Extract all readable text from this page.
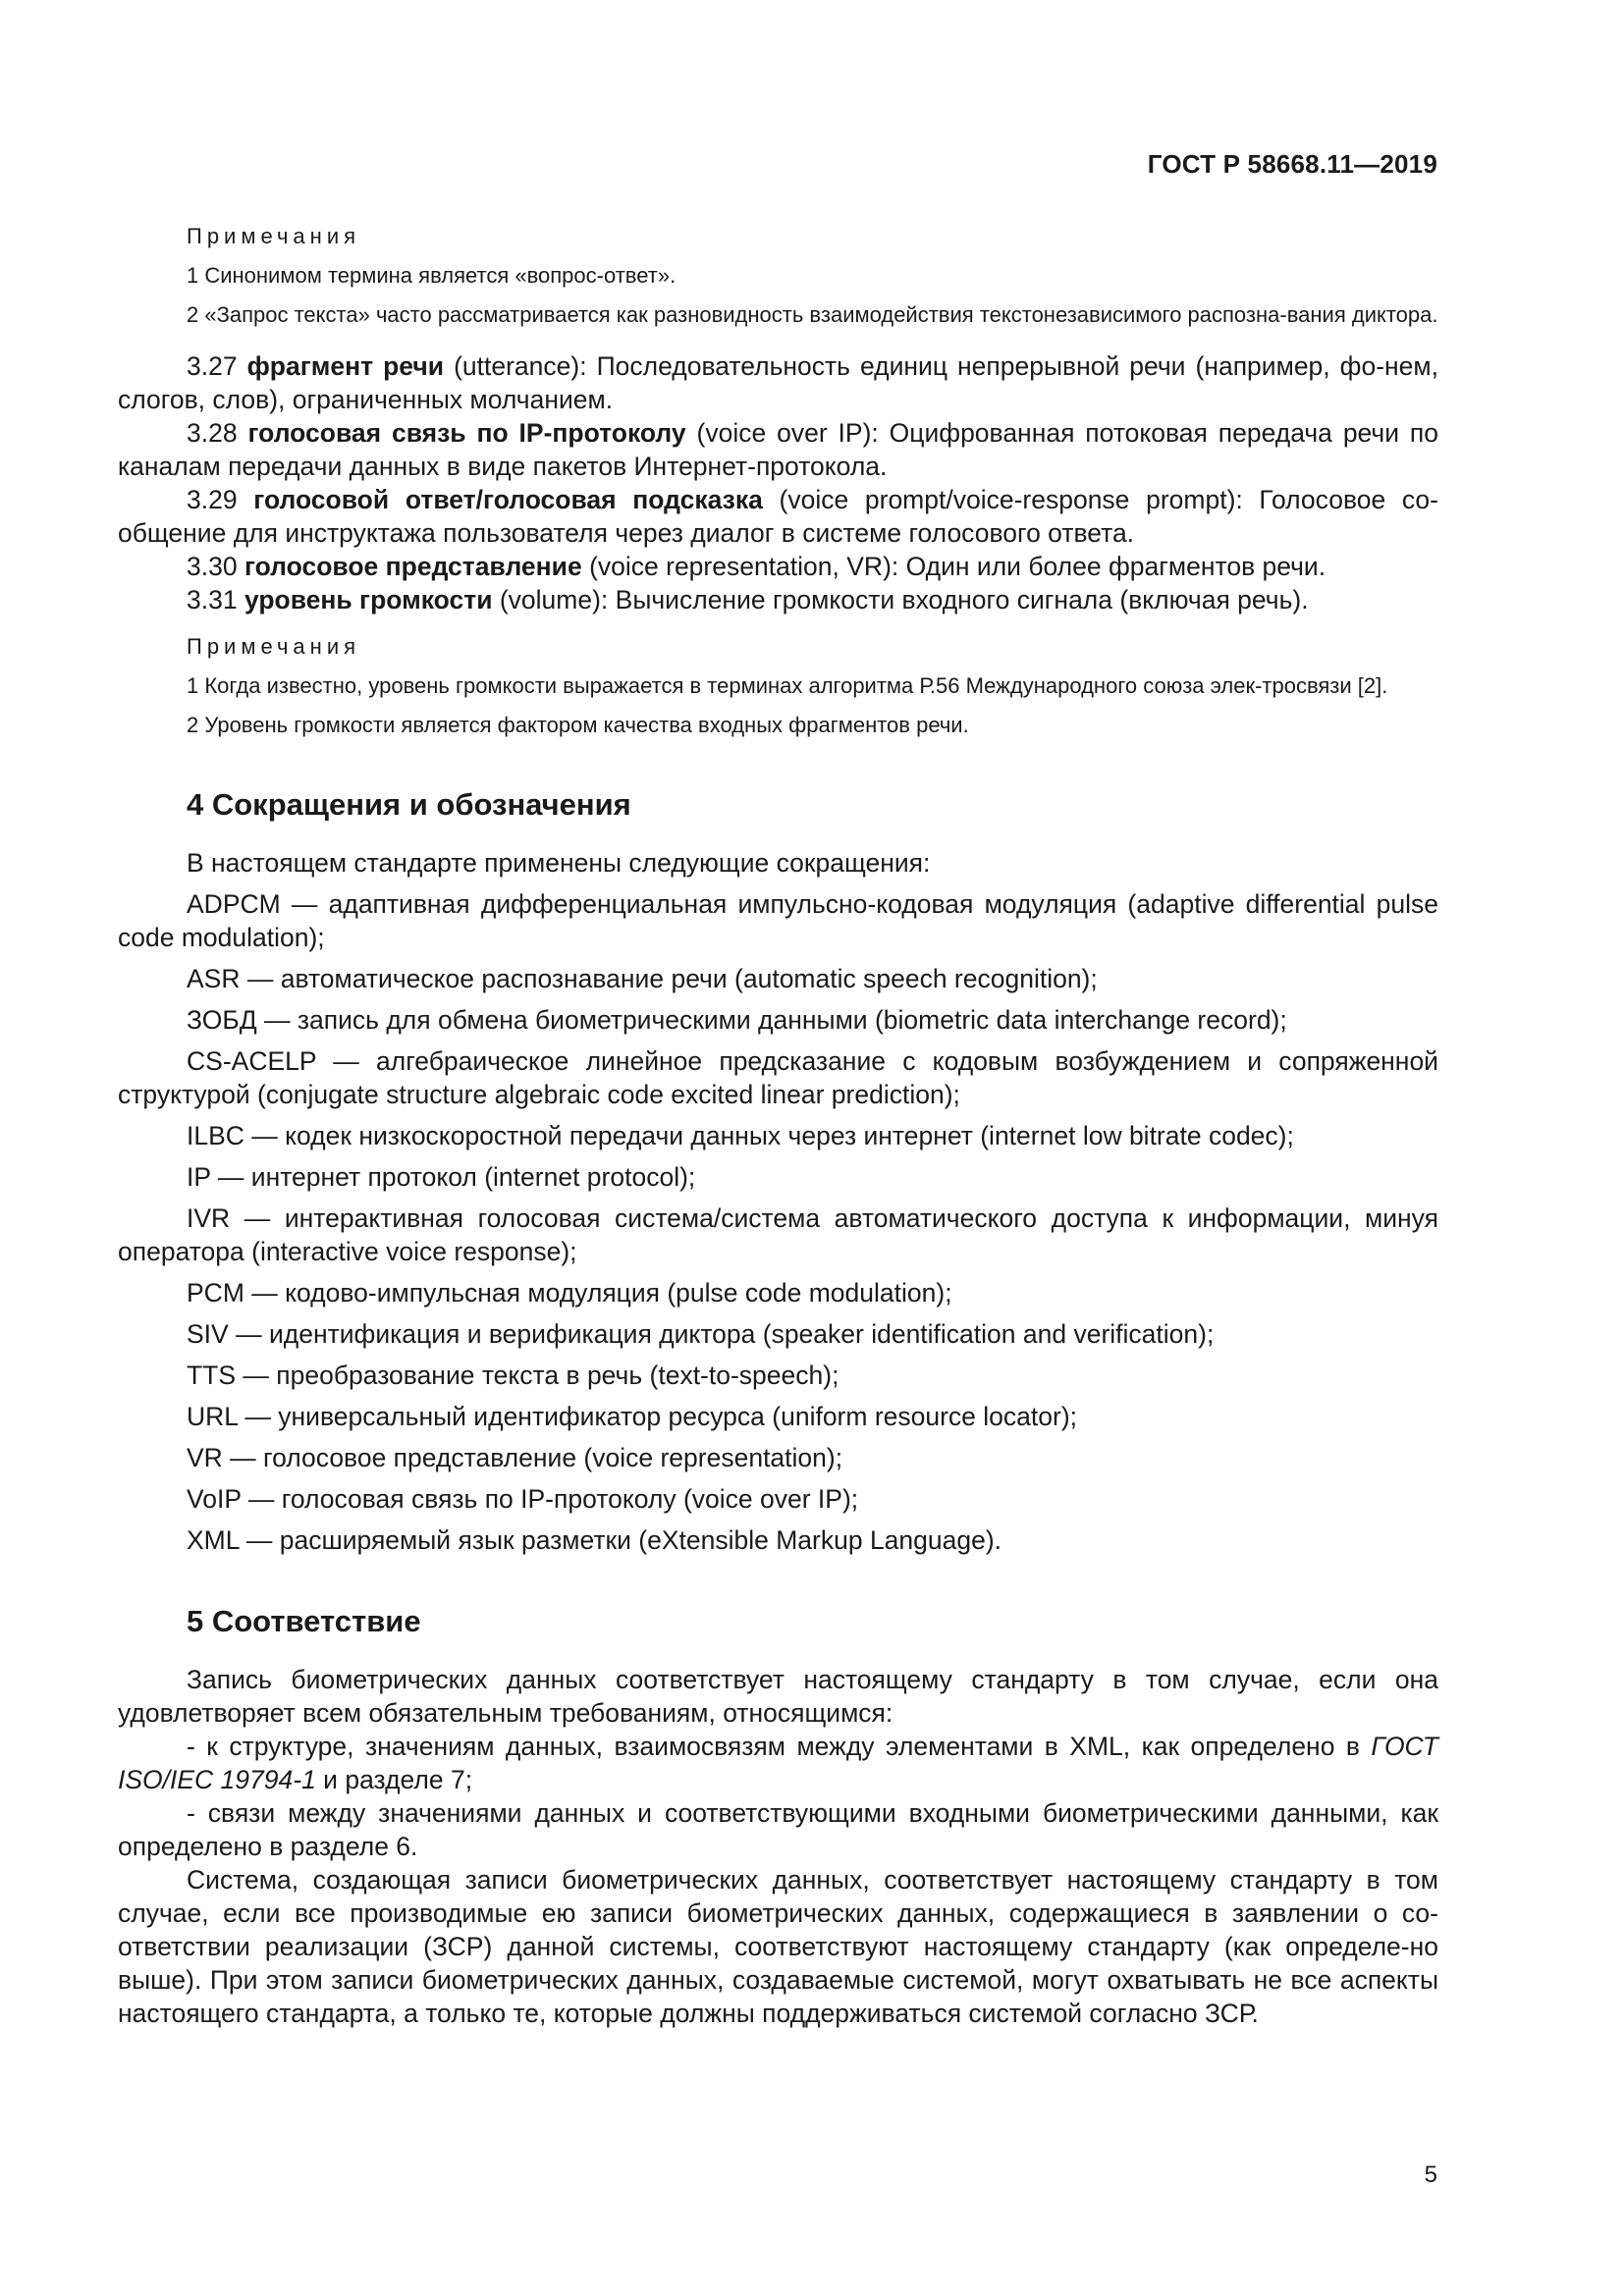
ГОСТ Р 58668.11—2019
Примечания

1 Синонимом термина является «вопрос-ответ».

2 «Запрос текста» часто рассматривается как разновидность взаимодействия текстонезависимого распозна-вания диктора.

3.27 фрагмент речи (utterance): Последовательность единиц непрерывной речи (например, фо-нем, слогов, слов), ограниченных молчанием.

3.28 голосовая связь по IP-протоколу (voice over IP): Оцифрованная потоковая передача речи по каналам передачи данных в виде пакетов Интернет-протокола.

3.29 голосовой ответ/голосовая подсказка (voice prompt/voice-response prompt): Голосовое со-общение для инструктажа пользователя через диалог в системе голосового ответа.

3.30 голосовое представление (voice representation, VR): Один или более фрагментов речи.

3.31 уровень громкости (volume): Вычисление громкости входного сигнала (включая речь).

Примечания

1 Когда известно, уровень громкости выражается в терминах алгоритма Р.56 Международного союза элек-тросвязи [2].

2 Уровень громкости является фактором качества входных фрагментов речи.

4 Сокращения и обозначения

В настоящем стандарте применены следующие сокращения:

ADPCM — адаптивная дифференциальная импульсно-кодовая модуляция (adaptive differential pulse code modulation);

ASR — автоматическое распознавание речи (automatic speech recognition);

ЗОБД — запись для обмена биометрическими данными (biometric data interchange record);

CS-ACELP — алгебраическое линейное предсказание с кодовым возбуждением и сопряженной структурой (conjugate structure algebraic code excited linear prediction);

ILBC — кодек низкоскоростной передачи данных через интернет (internet low bitrate codec);

IP — интернет протокол (internet protocol);

IVR — интерактивная голосовая система/система автоматического доступа к информации, минуя оператора (interactive voice response);

PCM — кодово-импульсная модуляция (pulse code modulation);

SIV — идентификация и верификация диктора (speaker identification and verification);

TTS — преобразование текста в речь (text-to-speech);

URL — универсальный идентификатор ресурса (uniform resource locator);

VR — голосовое представление (voice representation);

VoIP — голосовая связь по IP-протоколу (voice over IP);

XML — расширяемый язык разметки (eXtensible Markup Language).

5 Соответствие

Запись биометрических данных соответствует настоящему стандарту в том случае, если она удовлетворяет всем обязательным требованиям, относящимся:

- к структуре, значениям данных, взаимосвязям между элементами в XML, как определено в ГОСТ ISO/IEC 19794-1 и разделе 7;

- связи между значениями данных и соответствующими входными биометрическими данными, как определено в разделе 6.

Система, создающая записи биометрических данных, соответствует настоящему стандарту в том случае, если все производимые ею записи биометрических данных, содержащиеся в заявлении о со-ответствии реализации (ЗСР) данной системы, соответствуют настоящему стандарту (как определе-но выше). При этом записи биометрических данных, создаваемые системой, могут охватывать не все аспекты настоящего стандарта, а только те, которые должны поддерживаться системой согласно ЗСР.

5
